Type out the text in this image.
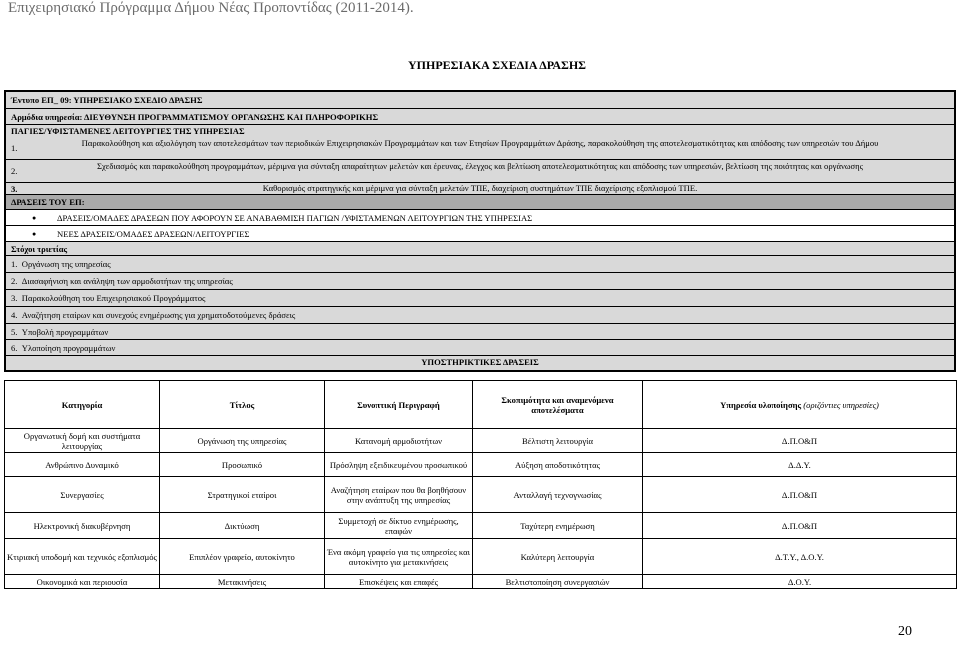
Επιχειρησιακό Πρόγραμμα Δήμου Νέας Προποντίδας (2011-2014).
ΥΠΗΡΕΣΙΑΚΑ ΣΧΕΔΙΑ ΔΡΑΣΗΣ
Έντυπο ΕΠ_ 09: ΥΠΗΡΕΣΙΑΚΟ ΣΧΕΔΙΟ ΔΡΑΣΗΣ
Αρμόδια υπηρεσία: ΔΙΕΥΘΥΝΣΗ ΠΡΟΓΡΑΜΜΑΤΙΣΜΟΥ ΟΡΓΑΝΩΣΗΣ ΚΑΙ ΠΛΗΡΟΦΟΡΙΚΗΣ
ΠΑΓΙΕΣ/ΥΦΙΣΤΑΜΕΝΕΣ ΛΕΙΤΟΥΡΓΙΕΣ ΤΗΣ ΥΠΗΡΕΣΙΑΣ
1.	Παρακολούθηση και αξιολόγηση των αποτελεσμάτων των περιοδικών Επιχειρησιακών Προγραμμάτων και των Ετησίων Προγραμμάτων Δράσης, παρακολούθηση της αποτελεσματικότητας και απόδοσης των υπηρεσιών του Δήμου
2.	Σχεδιασμός και παρακολούθηση προγραμμάτων, μέριμνα για σύνταξη απαραίτητων μελετών και έρευνας, έλεγχος και βελτίωση αποτελεσματικότητας και απόδοσης των υπηρεσιών, βελτίωση της ποιότητας και οργάνωσης
3.	Καθορισμός στρατηγικής και μέριμνα για σύνταξη μελετών ΤΠΕ, διαχείριση συστημάτων ΤΠΕ διαχείρισης εξοπλισμού ΤΠΕ.
ΔΡΑΣΕΙΣ ΤΟΥ ΕΠ:
●	ΔΡΑΣΕΙΣ/ΟΜΑΔΕΣ ΔΡΑΣΕΩΝ ΠΟΥ ΑΦΟΡΟΥΝ ΣΕ ΑΝΑΒΑΘΜΙΣΗ ΠΑΓΙΩΝ /ΥΦΙΣΤΑΜΕΝΩΝ ΛΕΙΤΟΥΡΓΙΩΝ ΤΗΣ ΥΠΗΡΕΣΙΑΣ
●	ΝΕΕΣ ΔΡΑΣΕΙΣ/ΟΜΑΔΕΣ ΔΡΑΣΕΩΝ/ΛΕΙΤΟΥΡΓΙΕΣ
Στόχοι τριετίας
1. Οργάνωση της υπηρεσίας
2. Διασαφήνιση και ανάληψη των αρμοδιοτήτων της υπηρεσίας
3. Παρακολούθηση του Επιχειρησιακού Προγράμματος
4. Αναζήτηση εταίρων και συνεχούς ενημέρωσης για χρηματοδοτούμενες δράσεις
5. Υποβολή προγραμμάτων
6. Υλοποίηση προγραμμάτων
ΥΠΟΣΤΗΡΙΚΤΙΚΕΣ ΔΡΑΣΕΙΣ
Κατηγορία	Τίτλος	Συνοπτική Περιγραφή	Σκοπιμότητα και αναμενόμενα αποτελέσματα	Υπηρεσία υλοποίησης (οριζόντιες υπηρεσίες)
Οργανωτική δομή και συστήματα λειτουργίας	Οργάνωση της υπηρεσίας	Κατανομή αρμοδιοτήτων	Βέλτιστη λειτουργία	Δ.Π.Ο&Π
Ανθρώπινο Δυναμικό	Προσωπικό	Πρόσληψη εξειδικευμένου προσωπικού	Αύξηση αποδοτικότητας	Δ.Δ.Υ.
Συνεργασίες	Στρατηγικοί εταίροι	Αναζήτηση εταίρων που θα βοηθήσουν στην ανάπτυξη της υπηρεσίας	Ανταλλαγή τεχνογνωσίας	Δ.Π.Ο&Π
Ηλεκτρονική διακυβέρνηση	Δικτύωση	Συμμετοχή σε δίκτυο ενημέρωσης, επαφών	Ταχύτερη ενημέρωση	Δ.Π.Ο&Π
Κτιριακή υποδομή και τεχνικός εξοπλισμός	Επιπλέον γραφείο, αυτοκίνητο	Ένα ακόμη γραφείο για τις υπηρεσίες και αυτοκίνητο για μετακινήσεις	Καλύτερη λειτουργία	Δ.Τ.Υ., Δ.Ο.Υ.
Οικονομικά και περιουσία	Μετακινήσεις	Επισκέψεις και επαφές	Βελτιστοποίηση συνεργασιών	Δ.Ο.Υ.
20
